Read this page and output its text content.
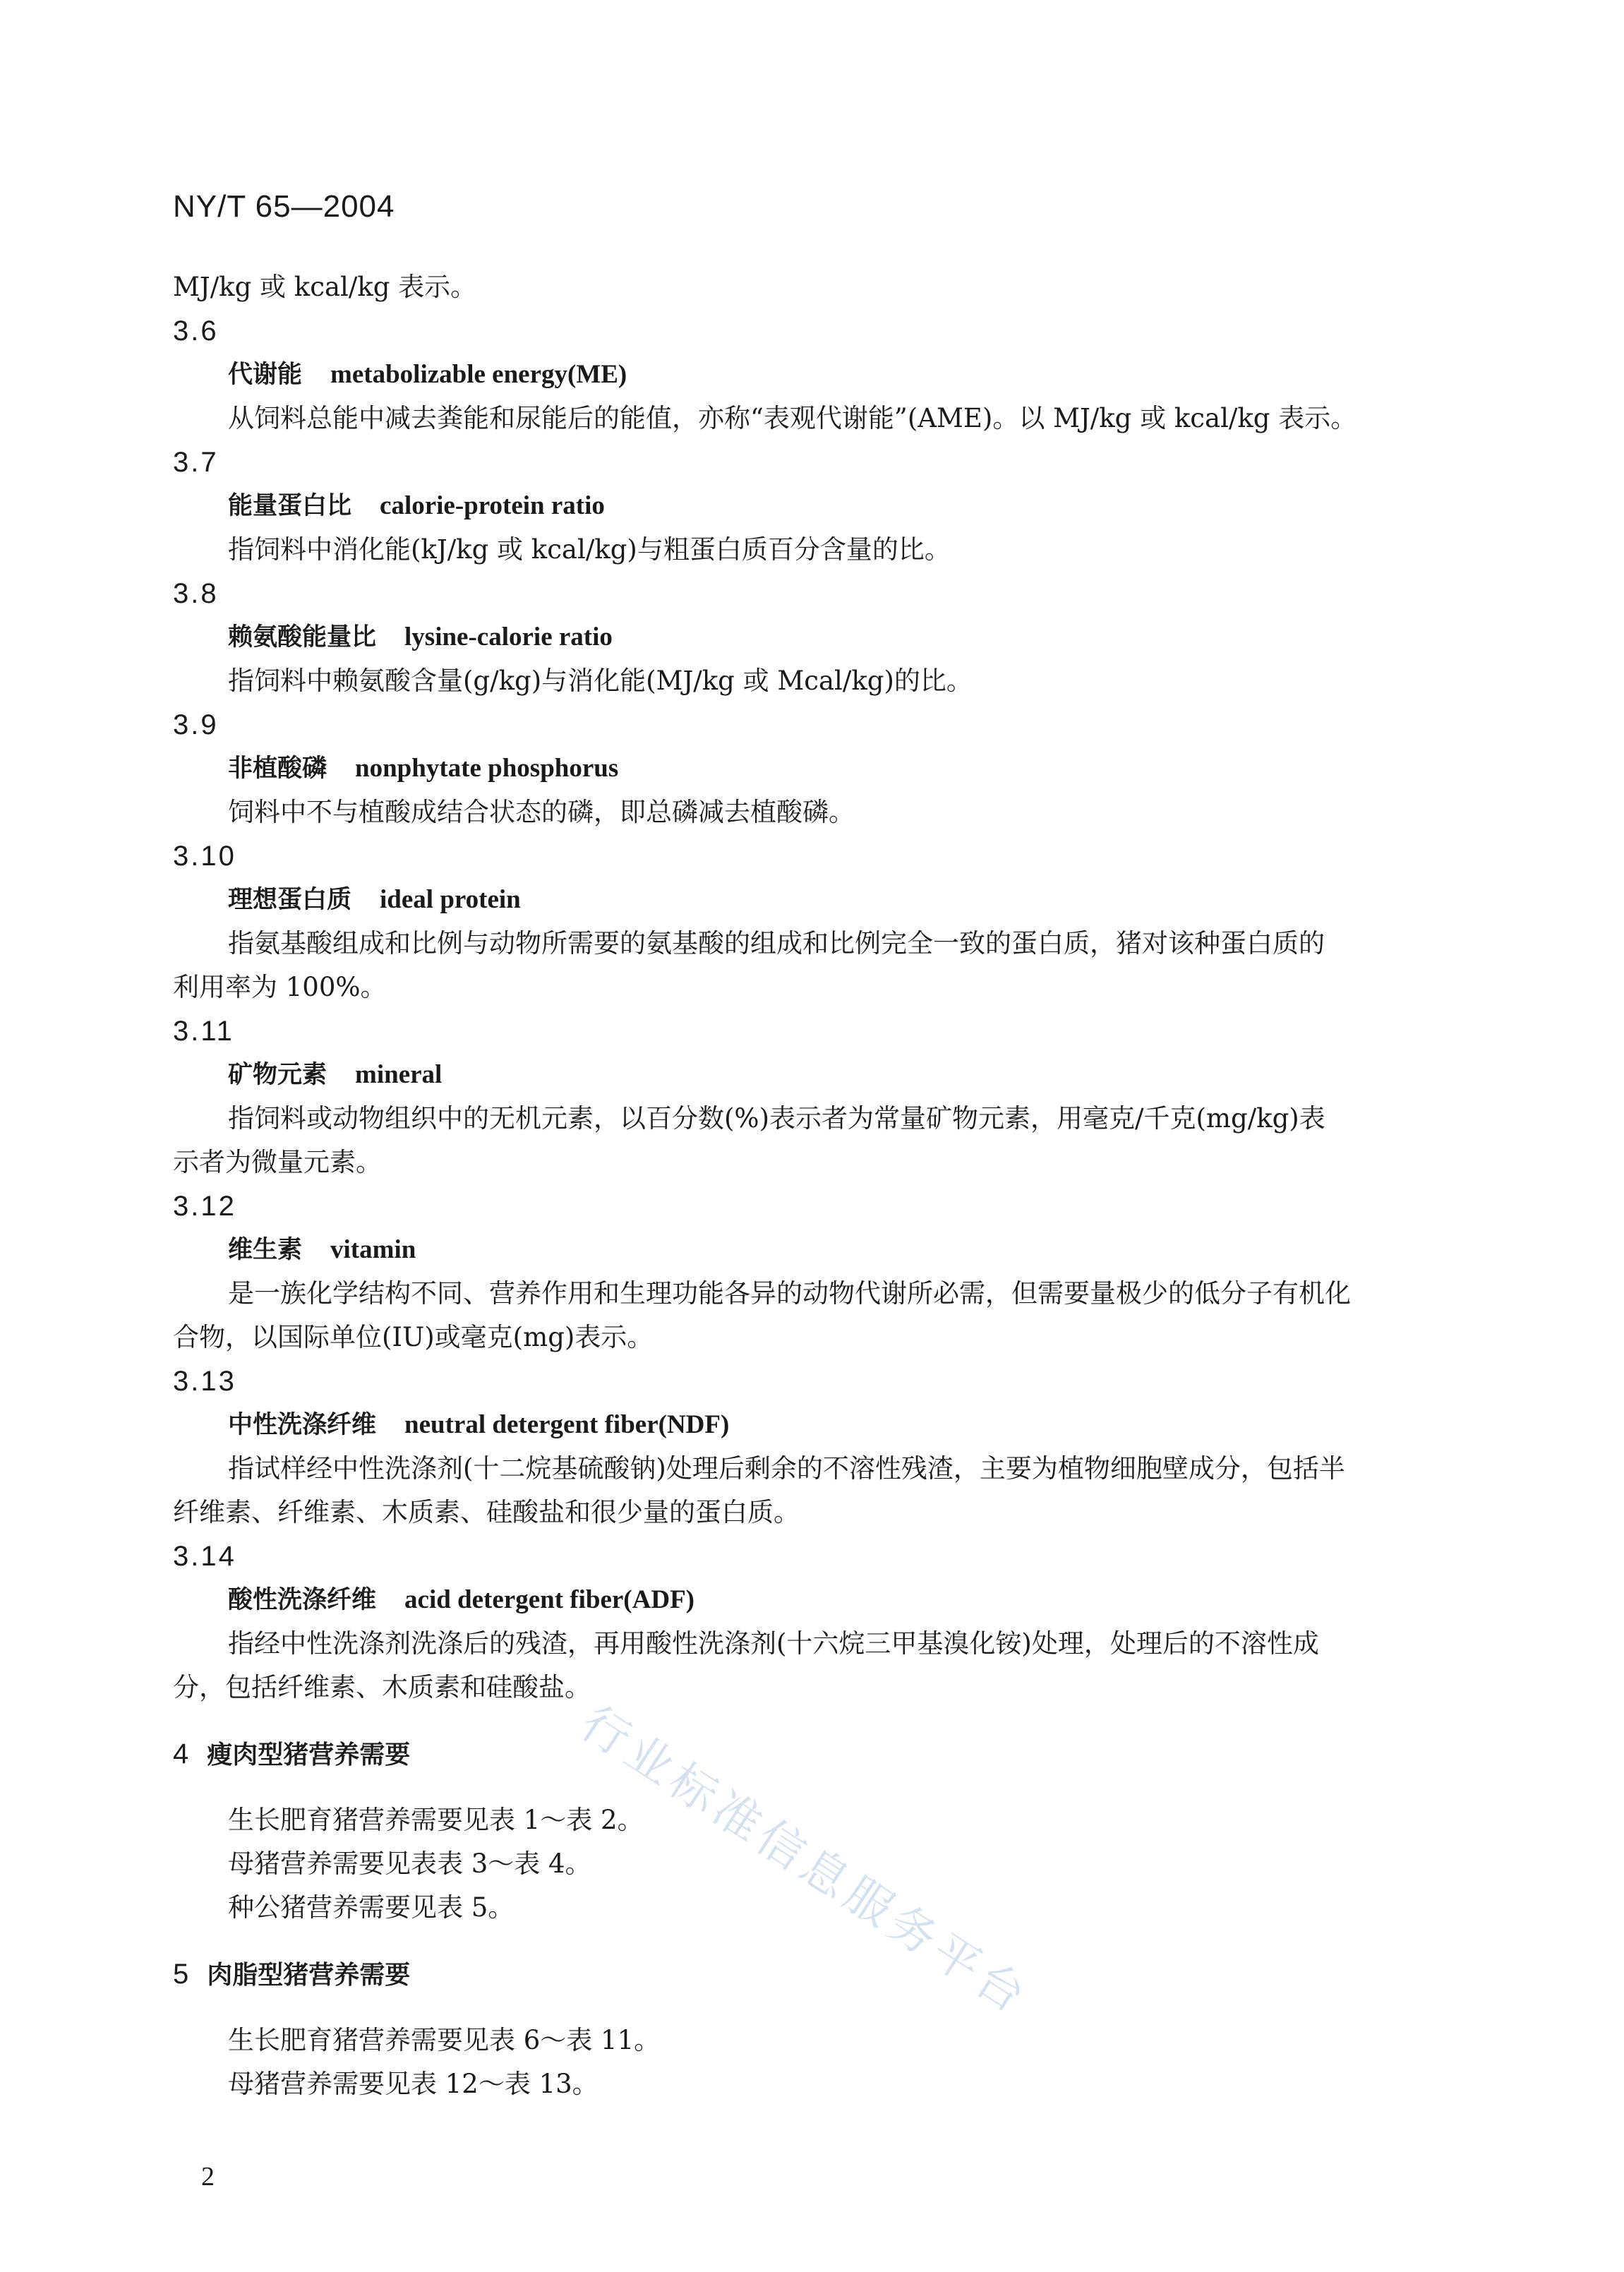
NY/T 65—2004
行业标准信息服务平台
MJ/kg 或 kcal/kg 表示。
3.6
代谢能 metabolizable energy(ME)
从饲料总能中减去粪能和尿能后的能值，亦称“表观代谢能”(AME)。以 MJ/kg 或 kcal/kg 表示。
3.7
能量蛋白比 calorie-protein ratio
指饲料中消化能(kJ/kg 或 kcal/kg)与粗蛋白质百分含量的比。
3.8
赖氨酸能量比 lysine-calorie ratio
指饲料中赖氨酸含量(g/kg)与消化能(MJ/kg 或 Mcal/kg)的比。
3.9
非植酸磷 nonphytate phosphorus
饲料中不与植酸成结合状态的磷，即总磷减去植酸磷。
3.10
理想蛋白质 ideal protein
指氨基酸组成和比例与动物所需要的氨基酸的组成和比例完全一致的蛋白质，猪对该种蛋白质的
利用率为 100%。
3.11
矿物元素 mineral
指饲料或动物组织中的无机元素，以百分数(%)表示者为常量矿物元素，用毫克/千克(mg/kg)表
示者为微量元素。
3.12
维生素 vitamin
是一族化学结构不同、营养作用和生理功能各异的动物代谢所必需，但需要量极少的低分子有机化
合物，以国际单位(IU)或毫克(mg)表示。
3.13
中性洗涤纤维 neutral detergent fiber(NDF)
指试样经中性洗涤剂(十二烷基硫酸钠)处理后剩余的不溶性残渣，主要为植物细胞壁成分，包括半
纤维素、纤维素、木质素、硅酸盐和很少量的蛋白质。
3.14
酸性洗涤纤维 acid detergent fiber(ADF)
指经中性洗涤剂洗涤后的残渣，再用酸性洗涤剂(十六烷三甲基溴化铵)处理，处理后的不溶性成
分，包括纤维素、木质素和硅酸盐。
4 瘦肉型猪营养需要
生长肥育猪营养需要见表 1～表 2。
母猪营养需要见表表 3～表 4。
种公猪营养需要见表 5。
5 肉脂型猪营养需要
生长肥育猪营养需要见表 6～表 11。
母猪营养需要见表 12～表 13。
2
